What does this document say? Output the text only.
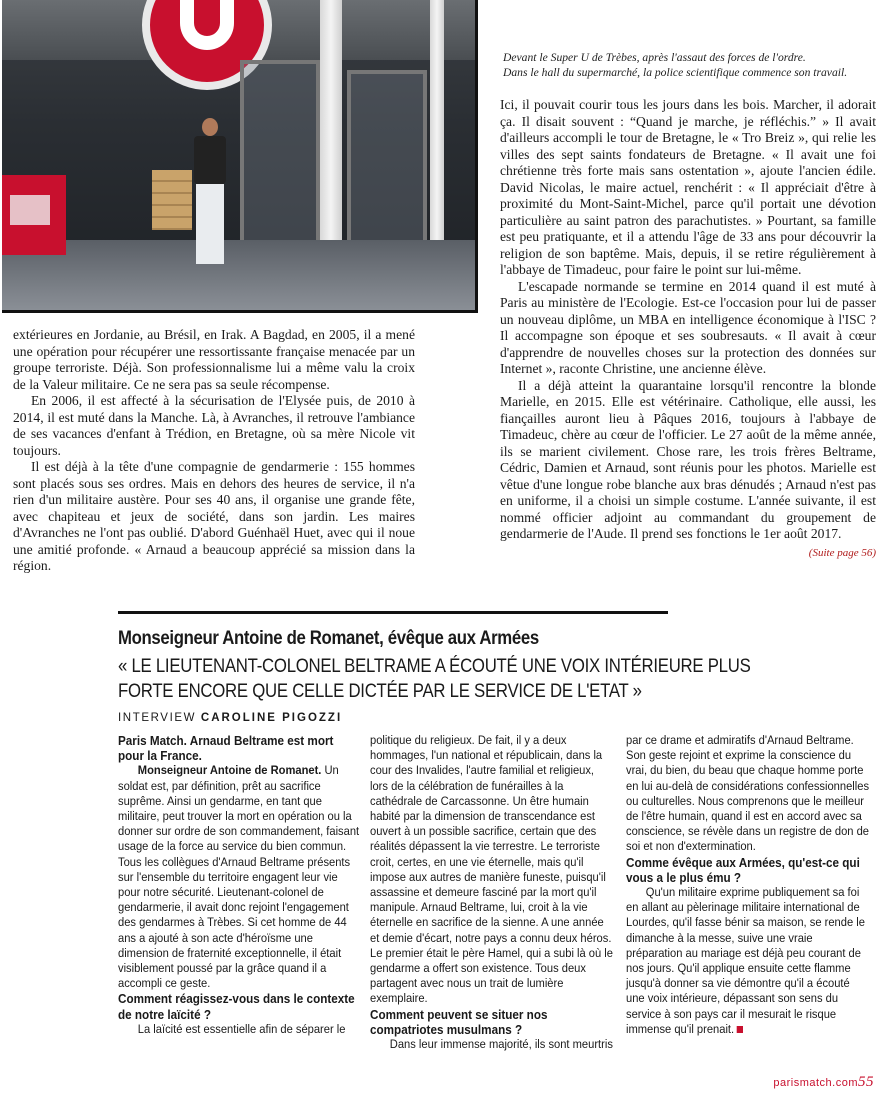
Devant le Super U de Trèbes, après l'assaut des forces de l'ordre.
Dans le hall du supermarché, la police scientifique commence son travail.

extérieures en Jordanie, au Brésil, en Irak. A Bagdad, en 2005, il a mené une opération pour récupérer une ressortissante française menacée par un groupe terroriste. Déjà. Son professionnalisme lui a même valu la croix de la Valeur militaire. Ce ne sera pas sa seule récompense.

En 2006, il est affecté à la sécurisation de l'Elysée puis, de 2010 à 2014, il est muté dans la Manche. Là, à Avranches, il retrouve l'ambiance de ses vacances d'enfant à Trédion, en Bretagne, où sa mère Nicole vit toujours.

Il est déjà à la tête d'une compagnie de gendarmerie : 155 hommes sont placés sous ses ordres. Mais en dehors des heures de service, il n'a rien d'un militaire austère. Pour ses 40 ans, il organise une grande fête, avec chapiteau et jeux de société, dans son jardin. Les maires d'Avranches ne l'ont pas oublié. D'abord Guénhaël Huet, avec qui il noue une amitié profonde. « Arnaud a beaucoup apprécié sa mission dans la région.

Ici, il pouvait courir tous les jours dans les bois. Marcher, il adorait ça. Il disait souvent : “Quand je marche, je réfléchis.” » Il avait d'ailleurs accompli le tour de Bretagne, le « Tro Breiz », qui relie les villes des sept saints fondateurs de Bretagne. « Il avait une foi chrétienne très forte mais sans ostentation », ajoute l'ancien édile. David Nicolas, le maire actuel, renchérit : « Il appréciait d'être à proximité du Mont-Saint-Michel, parce qu'il portait une dévotion particulière au saint patron des parachutistes. » Pourtant, sa famille est peu pratiquante, et il a attendu l'âge de 33 ans pour découvrir la religion de son baptême. Mais, depuis, il se retire régulièrement à l'abbaye de Timadeuc, pour faire le point sur lui-même.

L'escapade normande se termine en 2014 quand il est muté à Paris au ministère de l'Ecologie. Est-ce l'occasion pour lui de passer un nouveau diplôme, un MBA en intelligence économique à l'ISC ? Il accompagne son époque et ses soubresauts. « Il avait à cœur d'apprendre de nouvelles choses sur la protection des données sur Internet », raconte Christine, une ancienne élève.

Il a déjà atteint la quarantaine lorsqu'il rencontre la blonde Marielle, en 2015. Elle est vétérinaire. Catholique, elle aussi, les fiançailles auront lieu à Pâques 2016, toujours à l'abbaye de Timadeuc, chère au cœur de l'officier. Le 27 août de la même année, ils se marient civilement. Chose rare, les trois frères Beltrame, Cédric, Damien et Arnaud, sont réunis pour les photos. Marielle est vêtue d'une longue robe blanche aux bras dénudés ; Arnaud n'est pas en uniforme, il a choisi un simple costume. L'année suivante, il est nommé officier adjoint au commandant du groupement de gendarmerie de l'Aude. Il prend ses fonctions le 1er août 2017.
(Suite page 56)

Monseigneur Antoine de Romanet, évêque aux Armées
« LE LIEUTENANT-COLONEL BELTRAME A ÉCOUTÉ UNE VOIX INTÉRIEURE PLUS FORTE ENCORE QUE CELLE DICTÉE PAR LE SERVICE DE L'ETAT »
INTERVIEW CAROLINE PIGOZZI

Paris Match. Arnaud Beltrame est mort pour la France.

Monseigneur Antoine de Romanet. Un soldat est, par définition, prêt au sacrifice suprême. Ainsi un gendarme, en tant que militaire, peut trouver la mort en opération ou la donner sur ordre de son commandement, faisant usage de la force au service du bien commun. Tous les collègues d'Arnaud Beltrame présents sur l'ensemble du territoire engagent leur vie pour notre sécurité. Lieutenant-colonel de gendarmerie, il avait donc rejoint l'engagement des gendarmes à Trèbes. Si cet homme de 44 ans a ajouté à son acte d'héroïsme une dimension de fraternité exceptionnelle, il était visiblement poussé par la grâce quand il a accompli ce geste.

Comment réagissez-vous dans le contexte de notre laïcité ?

La laïcité est essentielle afin de séparer le

politique du religieux. De fait, il y a deux hommages, l'un national et républicain, dans la cour des Invalides, l'autre familial et religieux, lors de la célébration de funérailles à la cathédrale de Carcassonne. Un être humain habité par la dimension de transcendance est ouvert à un possible sacrifice, certain que des réalités dépassent la vie terrestre. Le terroriste croit, certes, en une vie éternelle, mais qu'il impose aux autres de manière funeste, puisqu'il assassine et demeure fasciné par la mort qu'il manipule. Arnaud Beltrame, lui, croit à la vie éternelle en sacrifice de la sienne. A une année et demie d'écart, notre pays a connu deux héros. Le premier était le père Hamel, qui a subi là où le gendarme a offert son existence. Tous deux partagent avec nous un trait de lumière exemplaire.

Comment peuvent se situer nos compatriotes musulmans ?

Dans leur immense majorité, ils sont meurtris

par ce drame et admiratifs d'Arnaud Beltrame. Son geste rejoint et exprime la conscience du vrai, du bien, du beau que chaque homme porte en lui au-delà de considérations confessionnelles ou culturelles. Nous comprenons que le meilleur de l'être humain, quand il est en accord avec sa conscience, se révèle dans un registre de don de soi et non d'extermination.

Comme évêque aux Armées, qu'est-ce qui vous a le plus ému ?

Qu'un militaire exprime publiquement sa foi en allant au pèlerinage militaire international de Lourdes, qu'il fasse bénir sa maison, se rende le dimanche à la messe, suive une vraie préparation au mariage est déjà peu courant de nos jours. Qu'il applique ensuite cette flamme jusqu'à donner sa vie démontre qu'il a écouté une voix intérieure, dépassant son sens du service à son pays car il mesurait le risque immense qu'il prenait.

parismatch.com55
